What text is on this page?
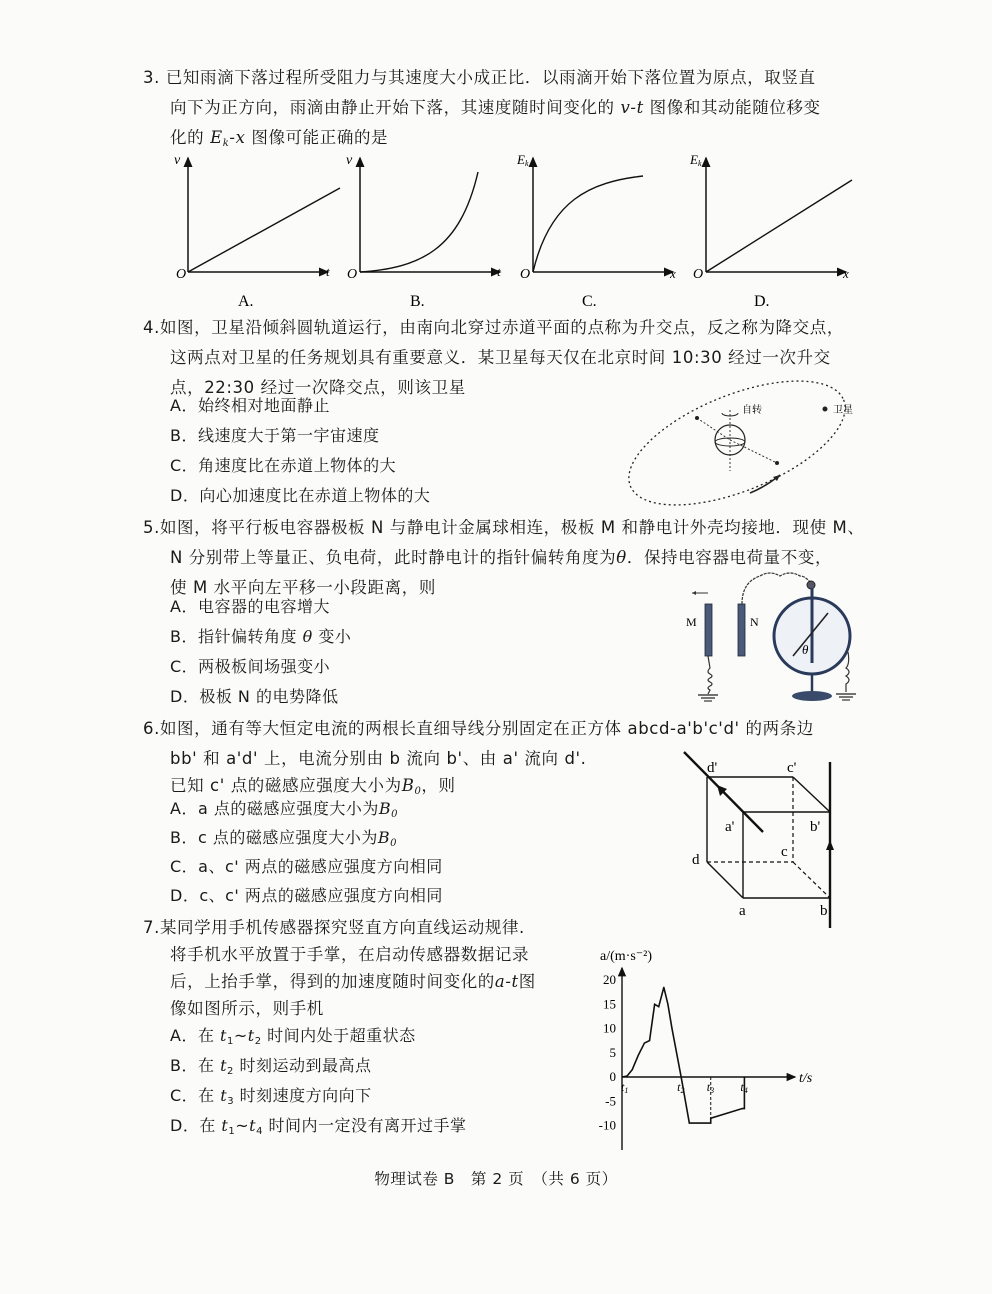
3. 已知雨滴下落过程所受阻力与其速度大小成正比．以雨滴开始下落位置为原点，取竖直
向下为正方向，雨滴由静止开始下落，其速度随时间变化的 v-t 图像和其动能随位移变
化的 $E_k-x$ 图像可能正确的是
v
t
O
A.
v
t
O
B.
Ek
x
O
C.
Ek
x
O
D.
4.如图，卫星沿倾斜圆轨道运行，由南向北穿过赤道平面的点称为升交点，反之称为降交点，
这两点对卫星的任务规划具有重要意义．某卫星每天仅在北京时间 10:30 经过一次升交
点，22:30 经过一次降交点，则该卫星
A．始终相对地面静止
B．线速度大于第一宇宙速度
C．角速度比在赤道上物体的大
D．向心加速度比在赤道上物体的大
自转	卫星
5.如图，将平行板电容器极板 N 与静电计金属球相连，极板 M 和静电计外壳均接地．现使 M、
N 分别带上等量正、负电荷，此时静电计的指针偏转角度为θ．保持电容器电荷量不变，
使 M 水平向左平移一小段距离，则
A．电容器的电容增大
B．指针偏转角度 θ 变小
C．两极板间场强变小
D．极板 N 的电势降低
M	N
θ
6.如图，通有等大恒定电流的两根长直细导线分别固定在正方体 abcd-a'b'c'd' 的两条边
bb' 和 a'd' 上，电流分别由 b 流向 b'、由 a' 流向 d'.
已知 c' 点的磁感应强度大小为$B_0$，则
A．a 点的磁感应强度大小为$B_0$
B．c 点的磁感应强度大小为$B_0$
C．a、c' 两点的磁感应强度方向相同
D．c、c' 两点的磁感应强度方向相同
d'	c'
a'	b'
d	c
a	b
7.某同学用手机传感器探究竖直方向直线运动规律.
将手机水平放置于手掌，在启动传感器数据记录
后，上抬手掌，得到的加速度随时间变化的a-t图
像如图所示，则手机
A．在 $t_1\sim t_2$ 时间内处于超重状态
B．在 $t_2$ 时刻运动到最高点
C．在 $t_3$ 时刻速度方向向下
D．在 $t_1\sim t_4$ 时间内一定没有离开过手掌
a/(m·s⁻²)
t/s
20
15
10
5
0
-5
-10
t1	t2 t3 t4
物理试卷 B　第 2 页　（共 6 页）
